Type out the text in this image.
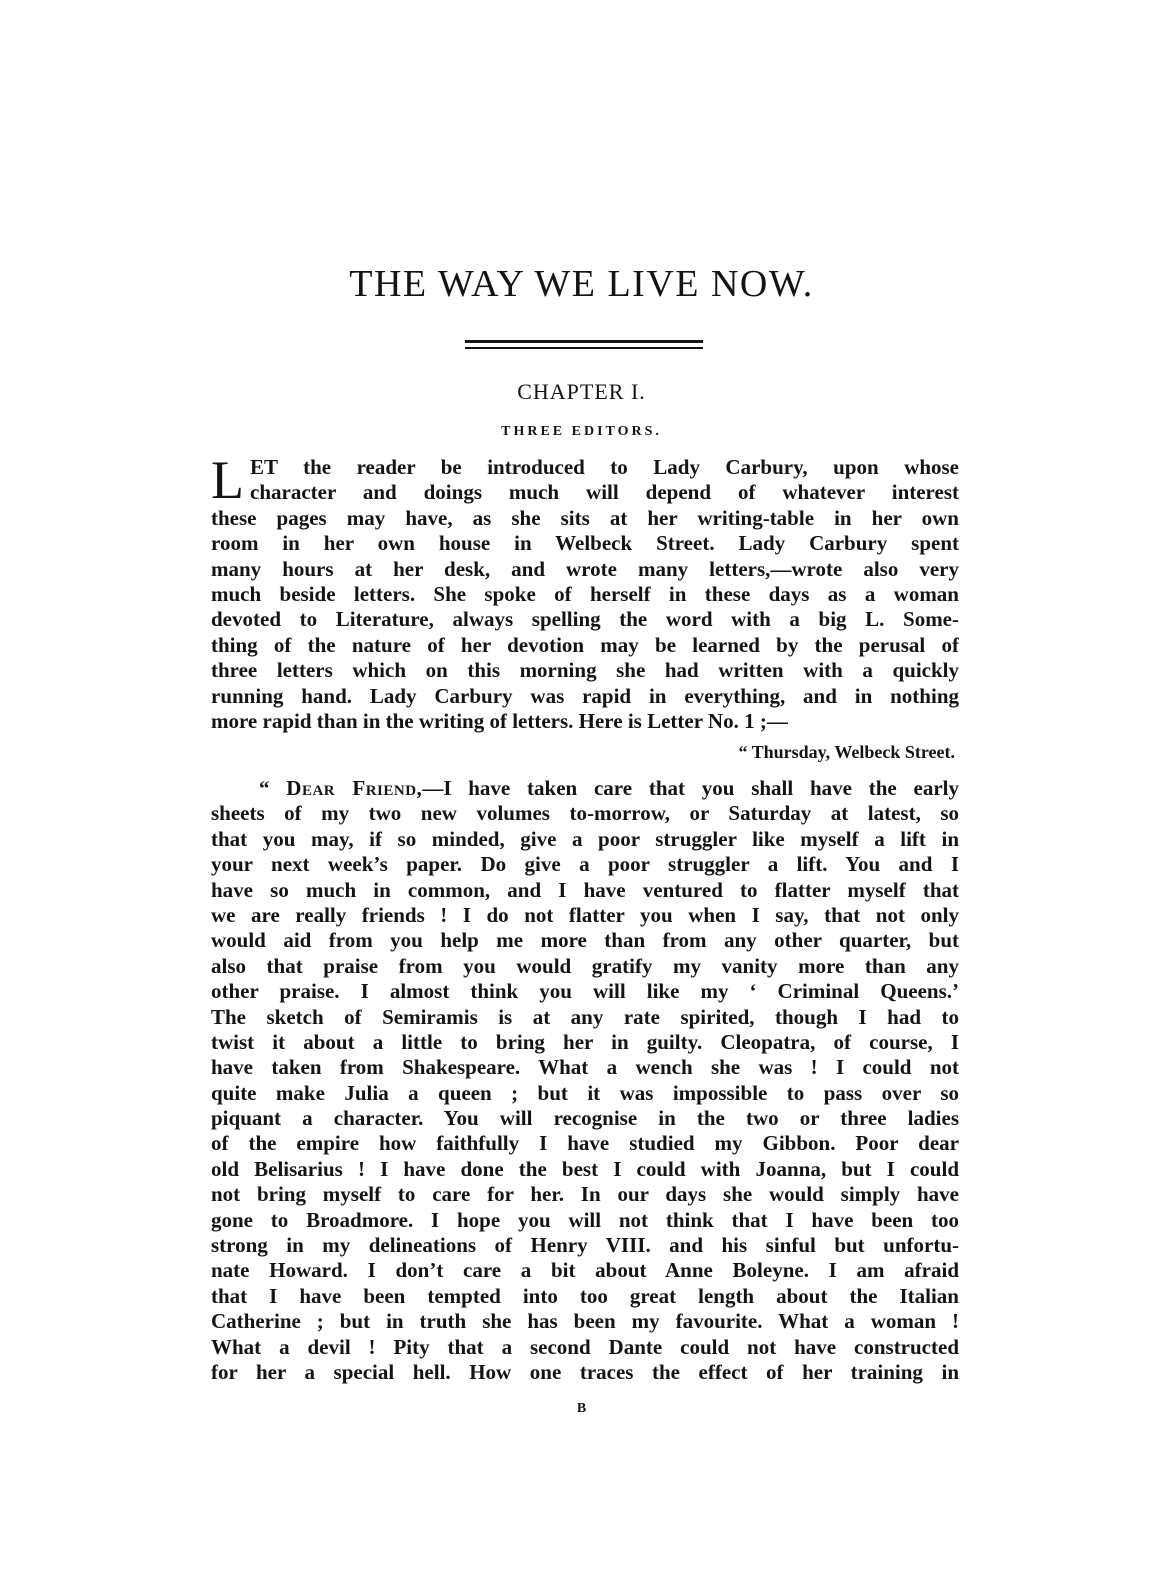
THE WAY WE LIVE NOW.
CHAPTER I.
THREE EDITORS.
L ET the reader be introduced to Lady Carbury, upon whose
character and doings much will depend of whatever interest
these pages may have, as she sits at her writing-table in her own
room in her own house in Welbeck Street. Lady Carbury spent
many hours at her desk, and wrote many letters,—wrote also very
much beside letters. She spoke of herself in these days as a woman
devoted to Literature, always spelling the word with a big L. Some-
thing of the nature of her devotion may be learned by the perusal of
three letters which on this morning she had written with a quickly
running hand. Lady Carbury was rapid in everything, and in nothing
more rapid than in the writing of letters. Here is Letter No. 1 ;—
“ Thursday, Welbeck Street.
“ Dear Friend,—I have taken care that you shall have the early
sheets of my two new volumes to-morrow, or Saturday at latest, so
that you may, if so minded, give a poor struggler like myself a lift in
your next week’s paper. Do give a poor struggler a lift. You and I
have so much in common, and I have ventured to flatter myself that
we are really friends ! I do not flatter you when I say, that not only
would aid from you help me more than from any other quarter, but
also that praise from you would gratify my vanity more than any
other praise. I almost think you will like my ‘ Criminal Queens.’
The sketch of Semiramis is at any rate spirited, though I had to
twist it about a little to bring her in guilty. Cleopatra, of course, I
have taken from Shakespeare. What a wench she was ! I could not
quite make Julia a queen ; but it was impossible to pass over so
piquant a character. You will recognise in the two or three ladies
of the empire how faithfully I have studied my Gibbon. Poor dear
old Belisarius ! I have done the best I could with Joanna, but I could
not bring myself to care for her. In our days she would simply have
gone to Broadmore. I hope you will not think that I have been too
strong in my delineations of Henry VIII. and his sinful but unfortu-
nate Howard. I don’t care a bit about Anne Boleyne. I am afraid
that I have been tempted into too great length about the Italian
Catherine ; but in truth she has been my favourite. What a woman !
What a devil ! Pity that a second Dante could not have constructed
for her a special hell. How one traces the effect of her training in
B
